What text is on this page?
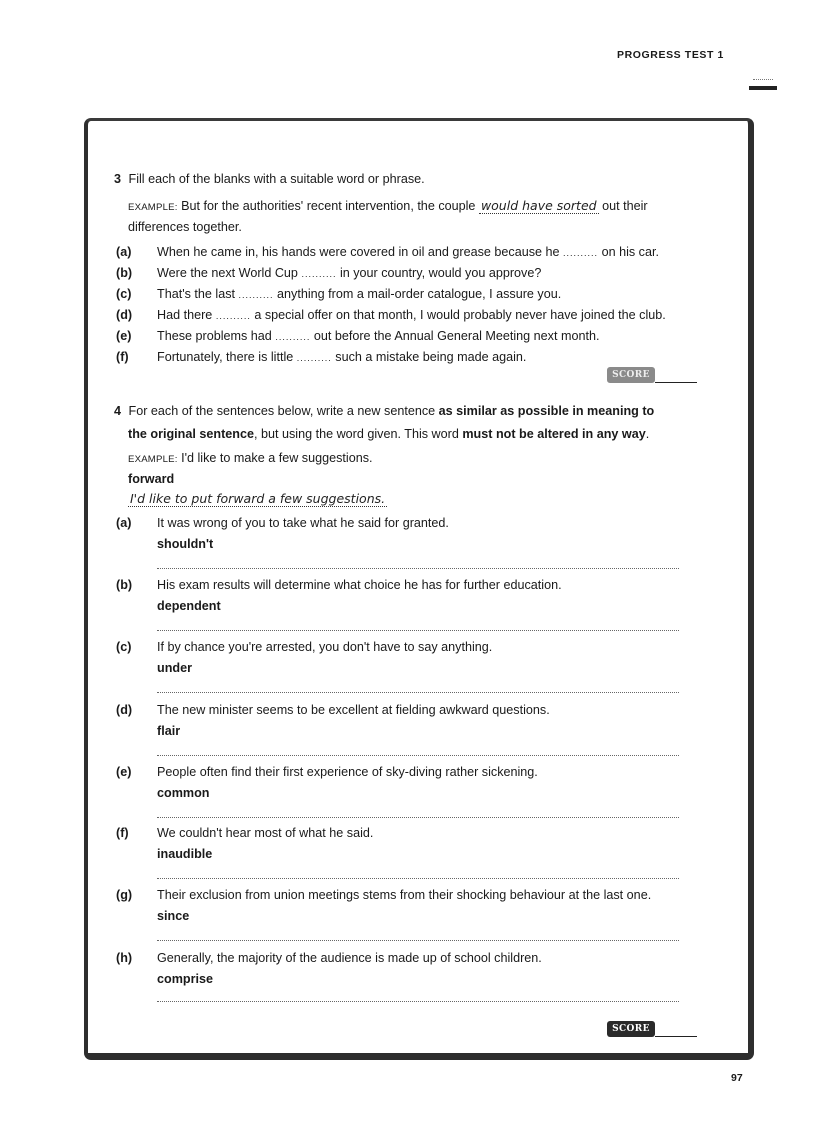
PROGRESS TEST 1
3 Fill each of the blanks with a suitable word or phrase.
EXAMPLE: But for the authorities' recent intervention, the couple would have sorted out their
differences together.
(a) When he came in, his hands were covered in oil and grease because he .......... on his car.
(b) Were the next World Cup .......... in your country, would you approve?
(c) That's the last .......... anything from a mail-order catalogue, I assure you.
(d) Had there .......... a special offer on that month, I would probably never have joined the club.
(e) These problems had .......... out before the Annual General Meeting next month.
(f) Fortunately, there is little .......... such a mistake being made again.
SCORE
4 For each of the sentences below, write a new sentence as similar as possible in meaning to
the original sentence, but using the word given. This word must not be altered in any way.
EXAMPLE: I'd like to make a few suggestions.
forward
I'd like to put forward a few suggestions.
(a) It was wrong of you to take what he said for granted.
shouldn't
(b) His exam results will determine what choice he has for further education.
dependent
(c) If by chance you're arrested, you don't have to say anything.
under
(d) The new minister seems to be excellent at fielding awkward questions.
flair
(e) People often find their first experience of sky-diving rather sickening.
common
(f) We couldn't hear most of what he said.
inaudible
(g) Their exclusion from union meetings stems from their shocking behaviour at the last one.
since
(h) Generally, the majority of the audience is made up of school children.
comprise
SCORE
97
